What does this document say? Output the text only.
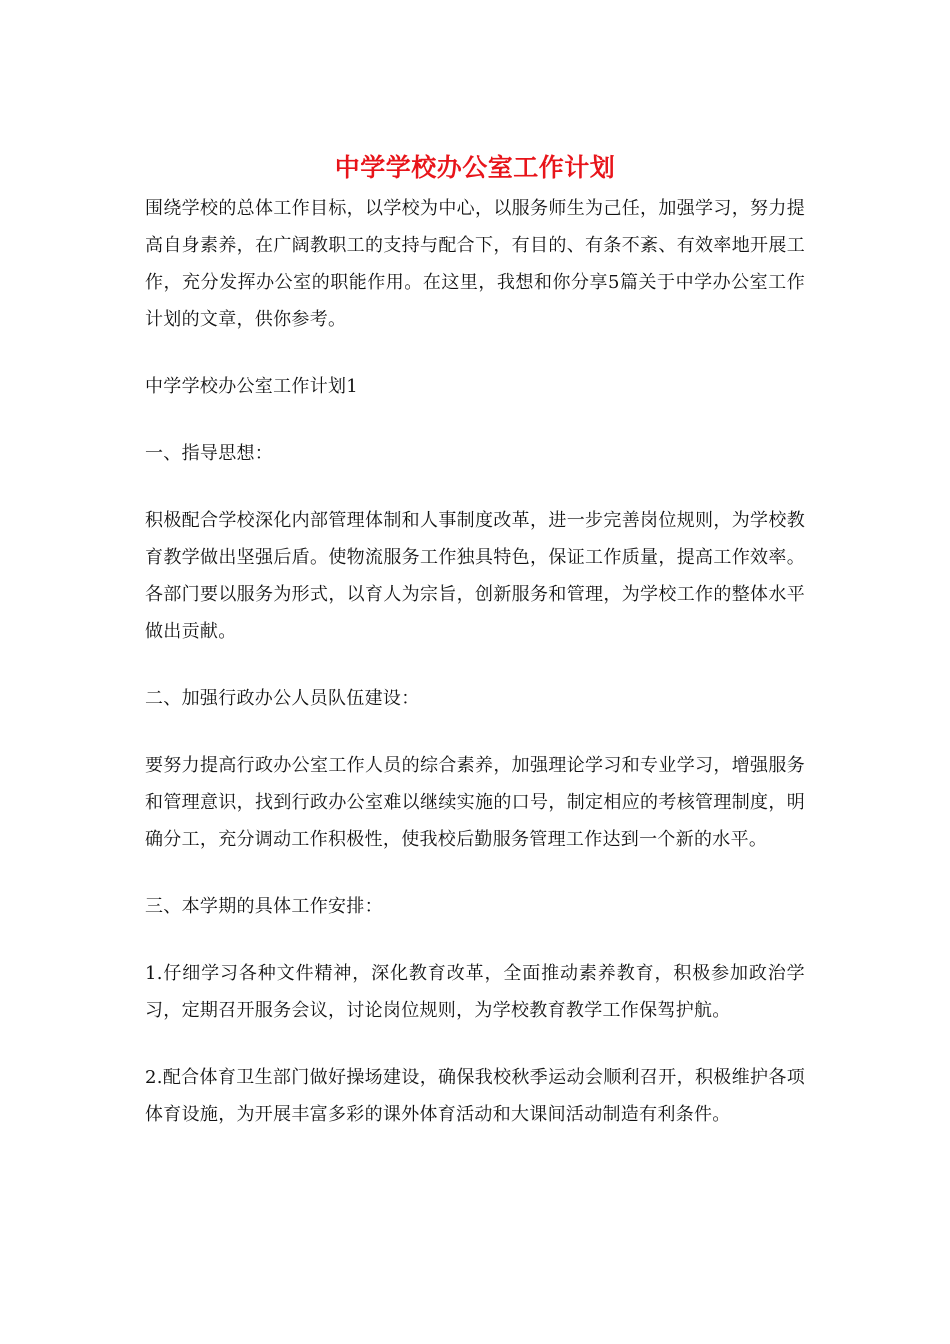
中学学校办公室工作计划

围绕学校的总体工作目标，以学校为中心，以服务师生为己任，加强学习，努力提高自身素养，在广阔教职工的支持与配合下，有目的、有条不紊、有效率地开展工作，充分发挥办公室的职能作用。在这里，我想和你分享5篇关于中学办公室工作计划的文章，供你参考。

中学学校办公室工作计划1

一、指导思想：

积极配合学校深化内部管理体制和人事制度改革，进一步完善岗位规则，为学校教育教学做出坚强后盾。使物流服务工作独具特色，保证工作质量，提高工作效率。各部门要以服务为形式，以育人为宗旨，创新服务和管理，为学校工作的整体水平做出贡献。

二、加强行政办公人员队伍建设：

要努力提高行政办公室工作人员的综合素养，加强理论学习和专业学习，增强服务和管理意识，找到行政办公室难以继续实施的口号，制定相应的考核管理制度，明确分工，充分调动工作积极性，使我校后勤服务管理工作达到一个新的水平。

三、本学期的具体工作安排：

1.仔细学习各种文件精神，深化教育改革，全面推动素养教育，积极参加政治学习，定期召开服务会议，讨论岗位规则，为学校教育教学工作保驾护航。

2.配合体育卫生部门做好操场建设，确保我校秋季运动会顺利召开，积极维护各项体育设施，为开展丰富多彩的课外体育活动和大课间活动制造有利条件。
